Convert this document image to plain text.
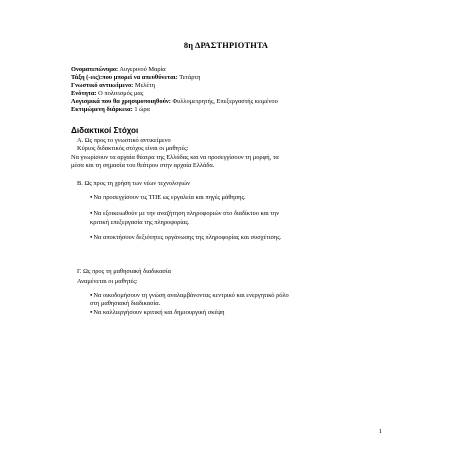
8η ΔΡΑΣΤΗΡΙΟΤΗΤΑ
Ονοματεπώνυμο: Αυγερινού Μαρία
Τάξη (-εις):που μπορεί να απευθύνεται: Τετάρτη
Γνωστικό αντικείμενο: Μελέτη
Ενότητα: Ο πολιτισμός μας
Λογισμικά που θα χρησιμοποιηθούν: Φυλλομετρητής, Επεξεργαστής κειμένου
Εκτιμώμενη διάρκεια: 1 ώρα
Διδακτικοί Στόχοι
Α. Ως προς το γνωστικό αντικείμενο
Κύριος διδακτικός στόχος είναι οι μαθητές:
Να γνωρίσουν τα αρχαία θέατρα της Ελλάδας και να προσεγγίσουν τη μορφή, τα
μέσα και τη σημασία του θεάτρου στην αρχαία Ελλάδα.
Β. Ως προς τη χρήση των νέων τεχνολογιών
● Να προσεγγίσουν τις ΤΠΕ ως εργαλεία και πηγές μάθησης.
● Να εξοικειωθούν με την αναζήτηση πληροφοριών στο διαδίκτυο και την
κριτική επεξεργασία της πληροφορίας.
● Να αποκτήσουν δεξιότητες οργάνωσης της πληροφορίας και συσχέτισης.
Γ. Ως προς τη μαθησιακή διαδικασία
Αναμένεται οι μαθητές:
● Να οικοδομήσουν τη γνώση αναλαμβάνοντας κεντρικό και ενεργητικό ρόλο
στη μαθησιακή διαδικασία.
● Να καλλιεργήσουν κριτική και δημιουργική σκέψη
1
